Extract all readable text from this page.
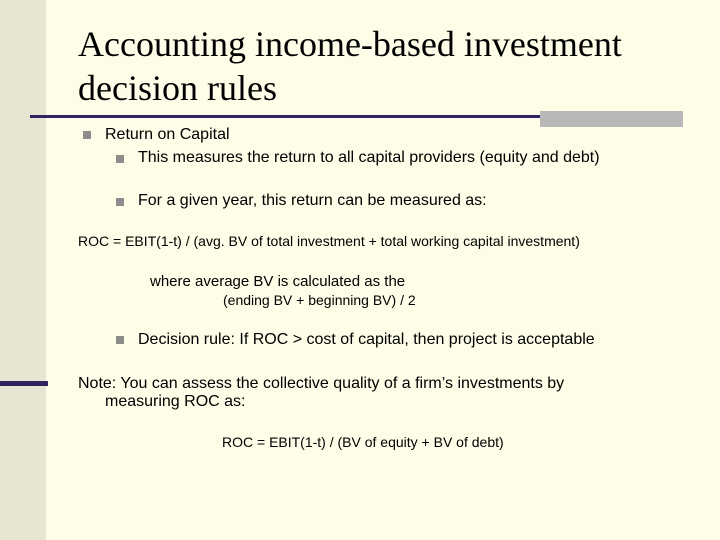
Accounting income-based investment decision rules
Return on Capital
This measures the return to all capital providers (equity and debt)
For a given year, this return can be measured as:
ROC = EBIT(1-t) / (avg. BV of total investment + total working capital investment)
where average BV is calculated as the
(ending BV + beginning BV) / 2
Decision rule: If ROC > cost of capital, then project is acceptable
Note: You can assess the collective quality of a firm’s investments by
measuring ROC as:
ROC = EBIT(1-t) / (BV of equity + BV of debt)
